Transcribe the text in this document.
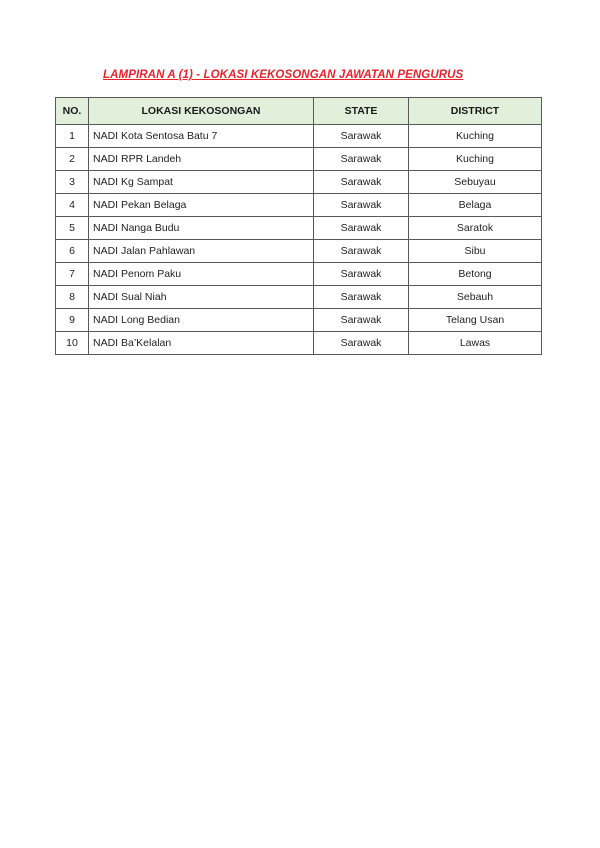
LAMPIRAN A (1) - LOKASI KEKOSONGAN JAWATAN PENGURUS
NO.	LOKASI KEKOSONGAN	STATE	DISTRICT
1	NADI Kota Sentosa Batu 7	Sarawak	Kuching
2	NADI RPR Landeh	Sarawak	Kuching
3	NADI Kg Sampat	Sarawak	Sebuyau
4	NADI Pekan Belaga	Sarawak	Belaga
5	NADI Nanga Budu	Sarawak	Saratok
6	NADI Jalan Pahlawan	Sarawak	Sibu
7	NADI Penom Paku	Sarawak	Betong
8	NADI Sual Niah	Sarawak	Sebauh
9	NADI Long Bedian	Sarawak	Telang Usan
10	NADI Ba’Kelalan	Sarawak	Lawas
